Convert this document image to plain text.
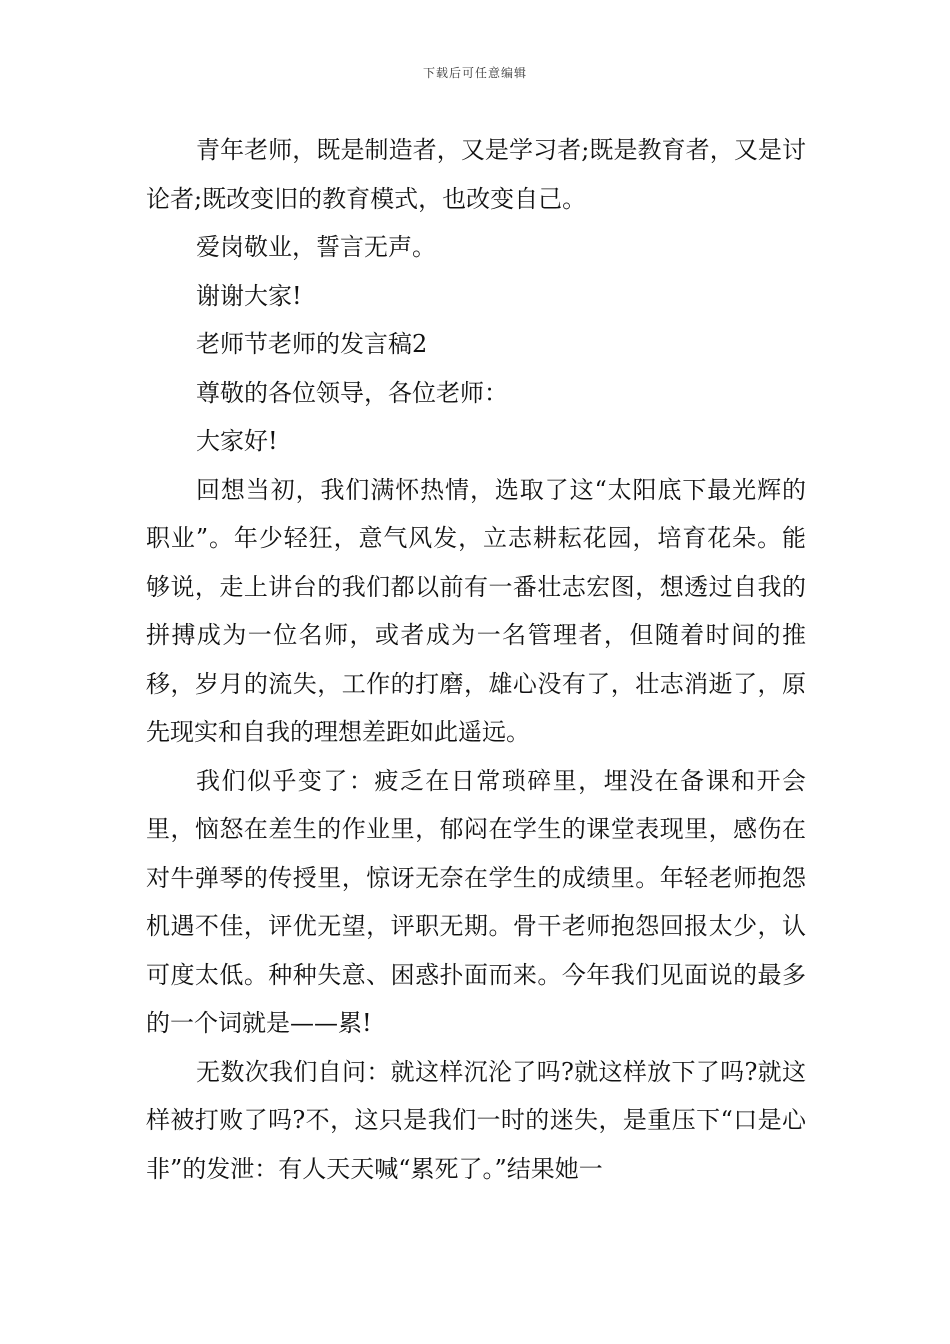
下载后可任意编辑

青年老师，既是制造者，又是学习者;既是教育者，又是讨论者;既改变旧的教育模式，也改变自己。

爱岗敬业，誓言无声。

谢谢大家!

老师节老师的发言稿2

尊敬的各位领导，各位老师：

大家好!

回想当初，我们满怀热情，选取了这“太阳底下最光辉的职业”。年少轻狂，意气风发，立志耕耘花园，培育花朵。能够说，走上讲台的我们都以前有一番壮志宏图，想透过自我的拼搏成为一位名师，或者成为一名管理者，但随着时间的推移，岁月的流失，工作的打磨，雄心没有了，壮志消逝了，原先现实和自我的理想差距如此遥远。

我们似乎变了：疲乏在日常琐碎里，埋没在备课和开会里，恼怒在差生的作业里，郁闷在学生的课堂表现里，感伤在对牛弹琴的传授里，惊讶无奈在学生的成绩里。年轻老师抱怨机遇不佳，评优无望，评职无期。骨干老师抱怨回报太少，认可度太低。种种失意、困惑扑面而来。今年我们见面说的最多的一个词就是——累!

无数次我们自问：就这样沉沦了吗?就这样放下了吗?就这样被打败了吗?不，这只是我们一时的迷失，是重压下“口是心非”的发泄：有人天天喊“累死了。”结果她一
